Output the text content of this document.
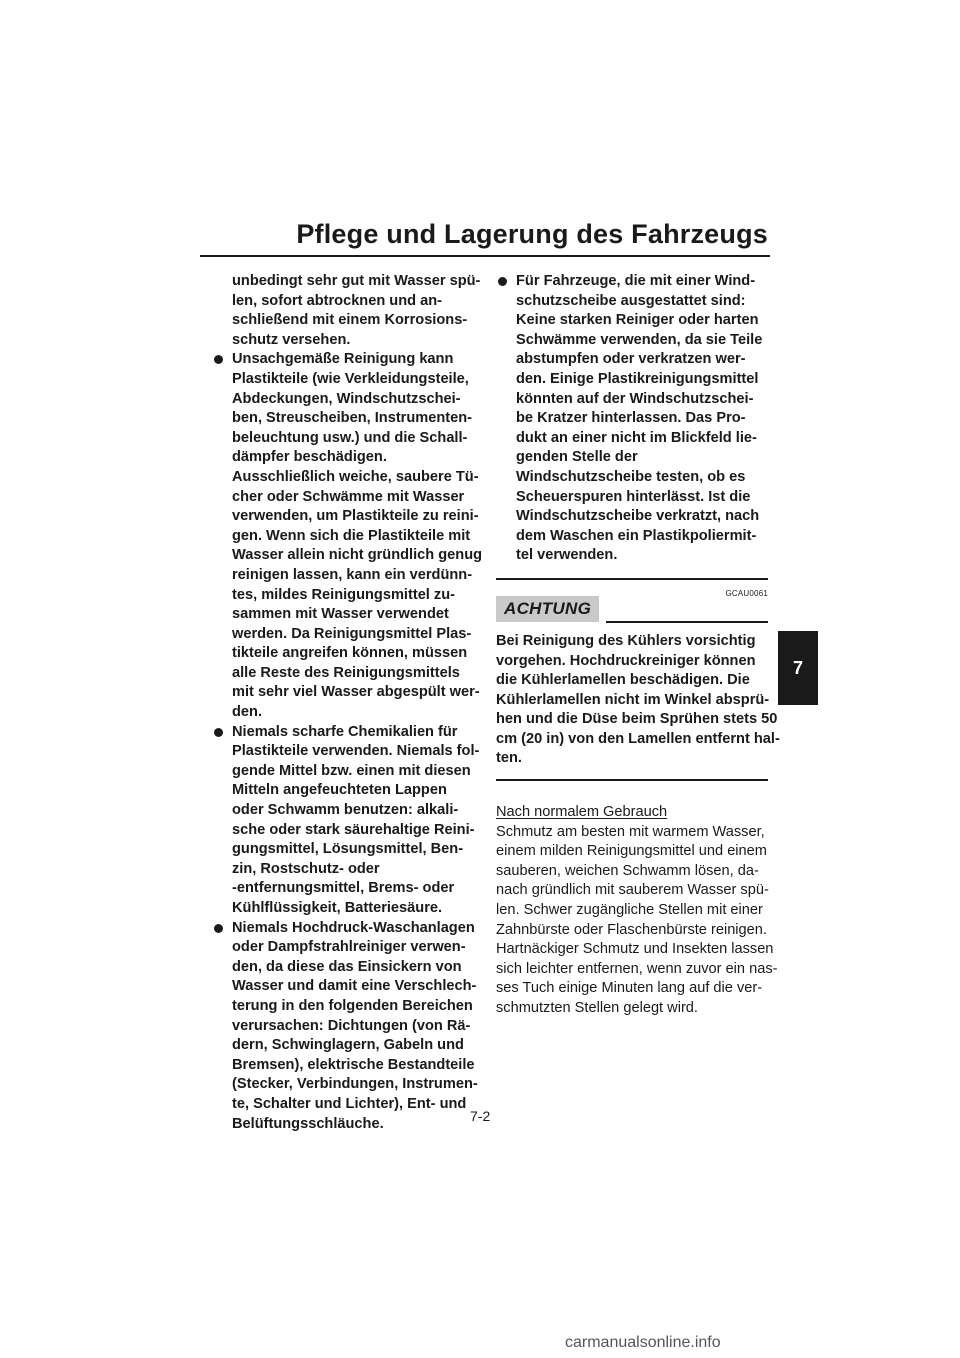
Pflege und Lagerung des Fahrzeugs
unbedingt sehr gut mit Wasser spü-
len, sofort abtrocknen und an-
schließend mit einem Korrosions-
schutz versehen.
Unsachgemäße Reinigung kann
Plastikteile (wie Verkleidungsteile,
Abdeckungen, Windschutzschei-
ben, Streuscheiben, Instrumenten-
beleuchtung usw.) und die Schall-
dämpfer beschädigen.
Ausschließlich weiche, saubere Tü-
cher oder Schwämme mit Wasser
verwenden, um Plastikteile zu reini-
gen. Wenn sich die Plastikteile mit
Wasser allein nicht gründlich genug
reinigen lassen, kann ein verdünn-
tes, mildes Reinigungsmittel zu-
sammen mit Wasser verwendet
werden. Da Reinigungsmittel Plas-
tikteile angreifen können, müssen
alle Reste des Reinigungsmittels
mit sehr viel Wasser abgespült wer-
den.
Niemals scharfe Chemikalien für
Plastikteile verwenden. Niemals fol-
gende Mittel bzw. einen mit diesen
Mitteln angefeuchteten Lappen
oder Schwamm benutzen: alkali-
sche oder stark säurehaltige Reini-
gungsmittel, Lösungsmittel, Ben-
zin, Rostschutz- oder
-entfernungsmittel, Brems- oder
Kühlflüssigkeit, Batteriesäure.
Niemals Hochdruck-Waschanlagen
oder Dampfstrahlreiniger verwen-
den, da diese das Einsickern von
Wasser und damit eine Verschlech-
terung in den folgenden Bereichen
verursachen: Dichtungen (von Rä-
dern, Schwinglagern, Gabeln und
Bremsen), elektrische Bestandteile
(Stecker, Verbindungen, Instrumen-
te, Schalter und Lichter), Ent- und
Belüftungsschläuche.
Für Fahrzeuge, die mit einer Wind-
schutzscheibe ausgestattet sind:
Keine starken Reiniger oder harten
Schwämme verwenden, da sie Teile
abstumpfen oder verkratzen wer-
den. Einige Plastikreinigungsmittel
könnten auf der Windschutzschei-
be Kratzer hinterlassen. Das Pro-
dukt an einer nicht im Blickfeld lie-
genden Stelle der
Windschutzscheibe testen, ob es
Scheuerspuren hinterlässt. Ist die
Windschutzscheibe verkratzt, nach
dem Waschen ein Plastikpoliermit-
tel verwenden.
GCAU0061
ACHTUNG
Bei Reinigung des Kühlers vorsichtig
vorgehen. Hochdruckreiniger können
die Kühlerlamellen beschädigen. Die
Kühlerlamellen nicht im Winkel absprü-
hen und die Düse beim Sprühen stets 50
cm (20 in) von den Lamellen entfernt hal-
ten.
Nach normalem Gebrauch
Schmutz am besten mit warmem Wasser,
einem milden Reinigungsmittel und einem
sauberen, weichen Schwamm lösen, da-
nach gründlich mit sauberem Wasser spü-
len. Schwer zugängliche Stellen mit einer
Zahnbürste oder Flaschenbürste reinigen.
Hartnäckiger Schmutz und Insekten lassen
sich leichter entfernen, wenn zuvor ein nas-
ses Tuch einige Minuten lang auf die ver-
schmutzten Stellen gelegt wird.
7
7-2
carmanualsonline.info
